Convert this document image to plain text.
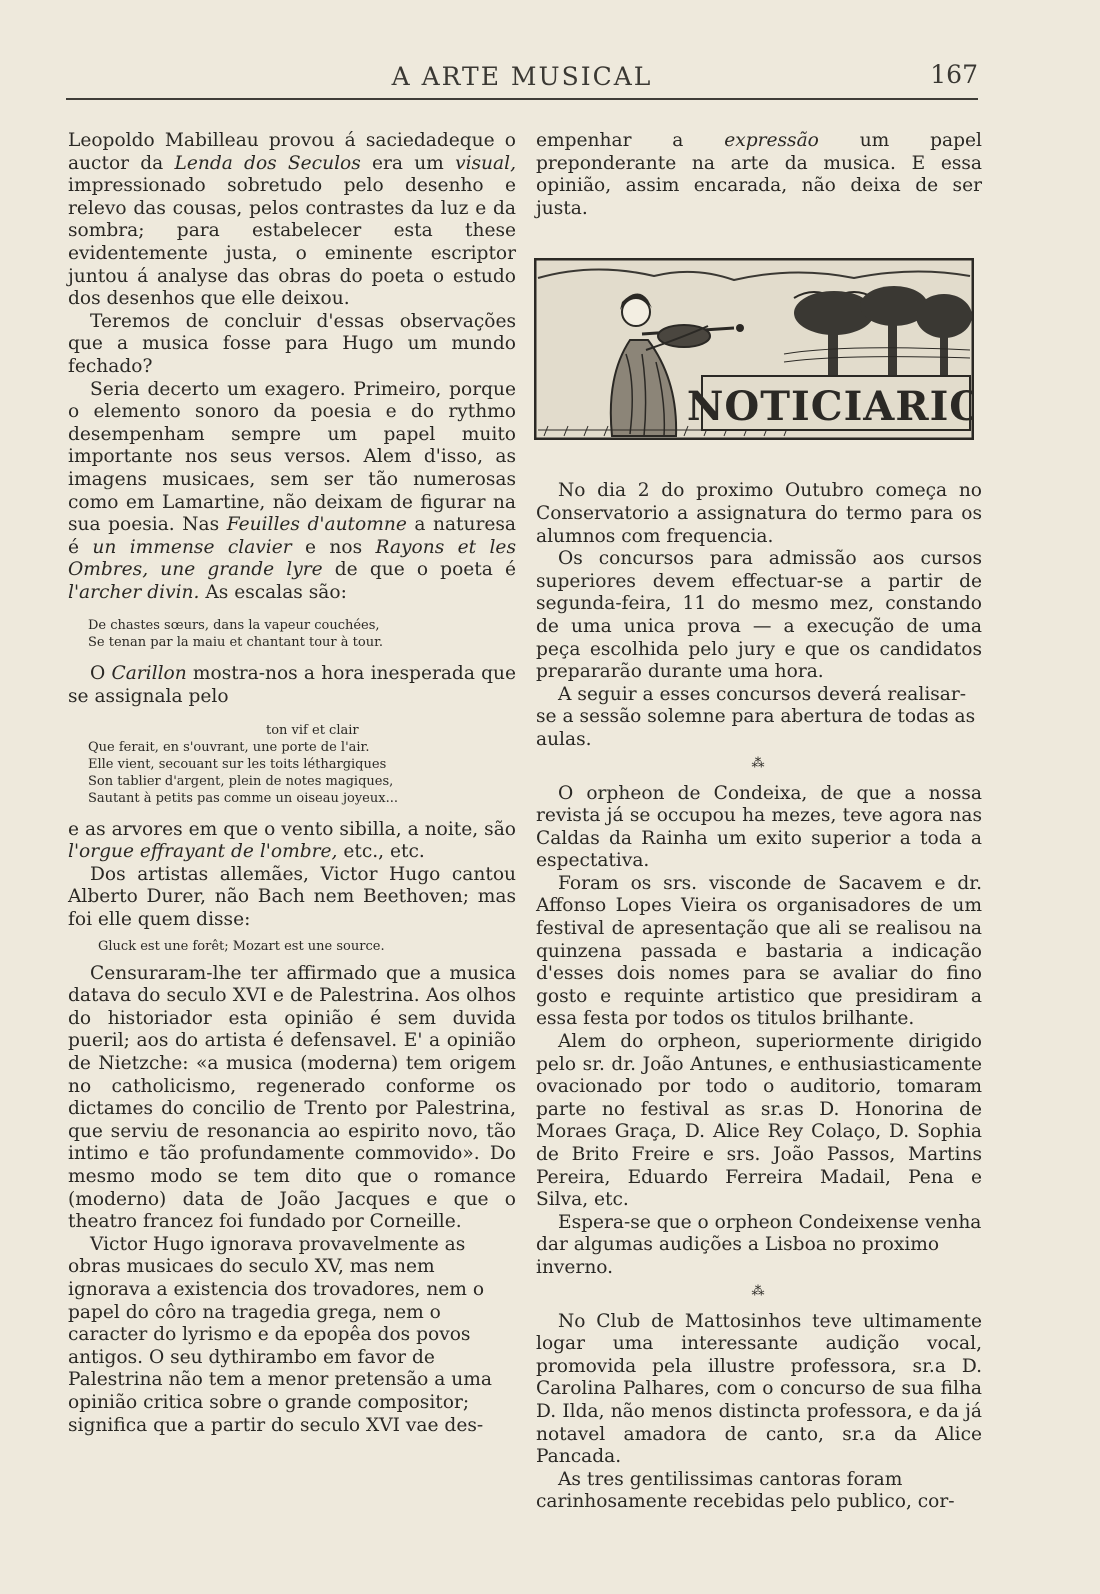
A ARTE MUSICAL	167

Leopoldo Mabilleau provou á saciedadeque o auctor da Lenda dos Seculos era um visual, impressionado sobretudo pelo desenho e relevo das cousas, pelos contrastes da luz e da sombra; para estabelecer esta these evidentemente justa, o eminente escriptor juntou á analyse das obras do poeta o estudo dos desenhos que elle deixou.

Teremos de concluir d'essas observações que a musica fosse para Hugo um mundo fechado?

Seria decerto um exagero. Primeiro, porque o elemento sonoro da poesia e do rythmo desempenham sempre um papel muito importante nos seus versos. Alem d'isso, as imagens musicaes, sem ser tão numerosas como em Lamartine, não deixam de figurar na sua poesia. Nas Feuilles d'automne a naturesa é un immense clavier e nos Rayons et les Ombres, une grande lyre de que o poeta é l'archer divin. As escalas são:

De chastes sœurs, dans la vapeur couchées,
Se tenan par la maiu et chantant tour à tour.

O Carillon mostra-nos a hora inesperada que se assignala pelo

ton vif et clair
Que ferait, en s'ouvrant, une porte de l'air.
Elle vient, secouant sur les toits léthargiques
Son tablier d'argent, plein de notes magiques,
Sautant à petits pas comme un oiseau joyeux...

e as arvores em que o vento sibilla, a noite, são l'orgue effrayant de l'ombre, etc., etc.

Dos artistas allemães, Victor Hugo cantou Alberto Durer, não Bach nem Beethoven; mas foi elle quem disse:

Gluck est une forêt; Mozart est une source.

Censuraram-lhe ter affirmado que a musica datava do seculo XVI e de Palestrina. Aos olhos do historiador esta opinião é sem duvida pueril; aos do artista é defensavel. E' a opinião de Nietzche: «a musica (moderna) tem origem no catholicismo, regenerado conforme os dictames do concilio de Trento por Palestrina, que serviu de resonancia ao espirito novo, tão intimo e tão profundamente commovido». Do mesmo modo se tem dito que o romance (moderno) data de João Jacques e que o theatro francez foi fundado por Corneille.

Victor Hugo ignorava provavelmente as obras musicaes do seculo XV, mas nem ignorava a existencia dos trovadores, nem o papel do côro na tragedia grega, nem o caracter do lyrismo e da epopêa dos povos antigos. O seu dythirambo em favor de Palestrina não tem a menor pretensão a uma opinião critica sobre o grande compositor; significa que a partir do seculo XVI vae des-

empenhar a expressão um papel preponderante na arte da musica. E essa opinião, assim encarada, não deixa de ser justa.

NOTICIARIO

No dia 2 do proximo Outubro começa no Conservatorio a assignatura do termo para os alumnos com frequencia.

Os concursos para admissão aos cursos superiores devem effectuar-se a partir de segunda-feira, 11 do mesmo mez, constando de uma unica prova — a execução de uma peça escolhida pelo jury e que os candidatos prepararão durante uma hora.

A seguir a esses concursos deverá realisar-se a sessão solemne para abertura de todas as aulas.

⁂

O orpheon de Condeixa, de que a nossa revista já se occupou ha mezes, teve agora nas Caldas da Rainha um exito superior a toda a espectativa.

Foram os srs. visconde de Sacavem e dr. Affonso Lopes Vieira os organisadores de um festival de apresentação que ali se realisou na quinzena passada e bastaria a indicação d'esses dois nomes para se avaliar do fino gosto e requinte artistico que presidiram a essa festa por todos os titulos brilhante.

Alem do orpheon, superiormente dirigido pelo sr. dr. João Antunes, e enthusiasticamente ovacionado por todo o auditorio, tomaram parte no festival as sr.as D. Honorina de Moraes Graça, D. Alice Rey Colaço, D. Sophia de Brito Freire e srs. João Passos, Martins Pereira, Eduardo Ferreira Madail, Pena e Silva, etc.

Espera-se que o orpheon Condeixense venha dar algumas audições a Lisboa no proximo inverno.

⁂

No Club de Mattosinhos teve ultimamente logar uma interessante audição vocal, promovida pela illustre professora, sr.a D. Carolina Palhares, com o concurso de sua filha D. Ilda, não menos distincta professora, e da já notavel amadora de canto, sr.a da Alice Pancada.

As tres gentilissimas cantoras foram carinhosamente recebidas pelo publico, cor-
